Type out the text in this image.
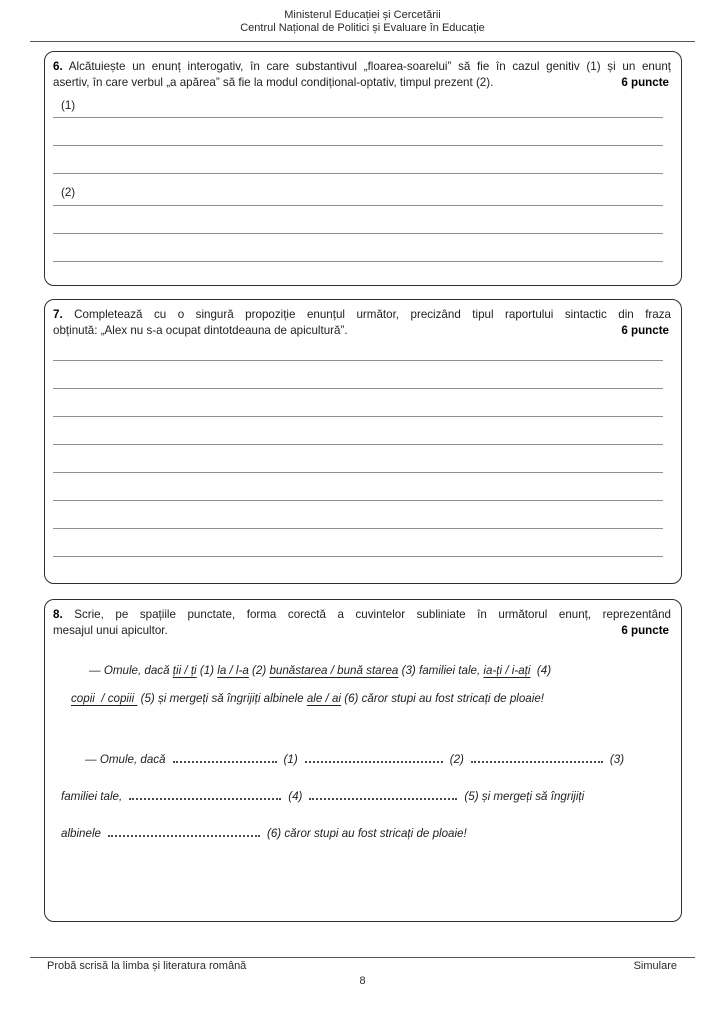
Ministerul Educației și Cercetării
Centrul Național de Politici și Evaluare în Educație
6. Alcătuiește un enunț interogativ, în care substantivul „floarea-soarelui” să fie în cazul genitiv (1) și un enunț
6 puncte
asertiv, în care verbul „a apărea” să fie la modul condițional-optativ, timpul prezent (2).
(1)
(2)
7. Completează cu o singură propoziție enunțul următor, precizând tipul raportului sintactic din fraza
6 puncte
obținută: „Alex nu s-a ocupat dintotdeauna de apicultură”.
8. Scrie, pe spațiile punctate, forma corectă a cuvintelor subliniate în următorul enunț, reprezentând
6 puncte
mesajul unui apicultor.
— Omule, dacă ții / ți (1) la / l-a (2) bunăstarea / bună starea (3) familiei tale, ia-ți / i-ați  (4)
copii  / copiii  (5) și mergeți să îngrijiți albinele ale / ai (6) căror stupi au fost stricați de ploaie!
— Omule, dacă	(1)	(2)	(3)
familiei tale,	(4)	(5) și mergeți să îngrijiți
albinele	(6) căror stupi au fost stricați de ploaie!
Probă scrisă la limba și literatura română	Simulare
8
